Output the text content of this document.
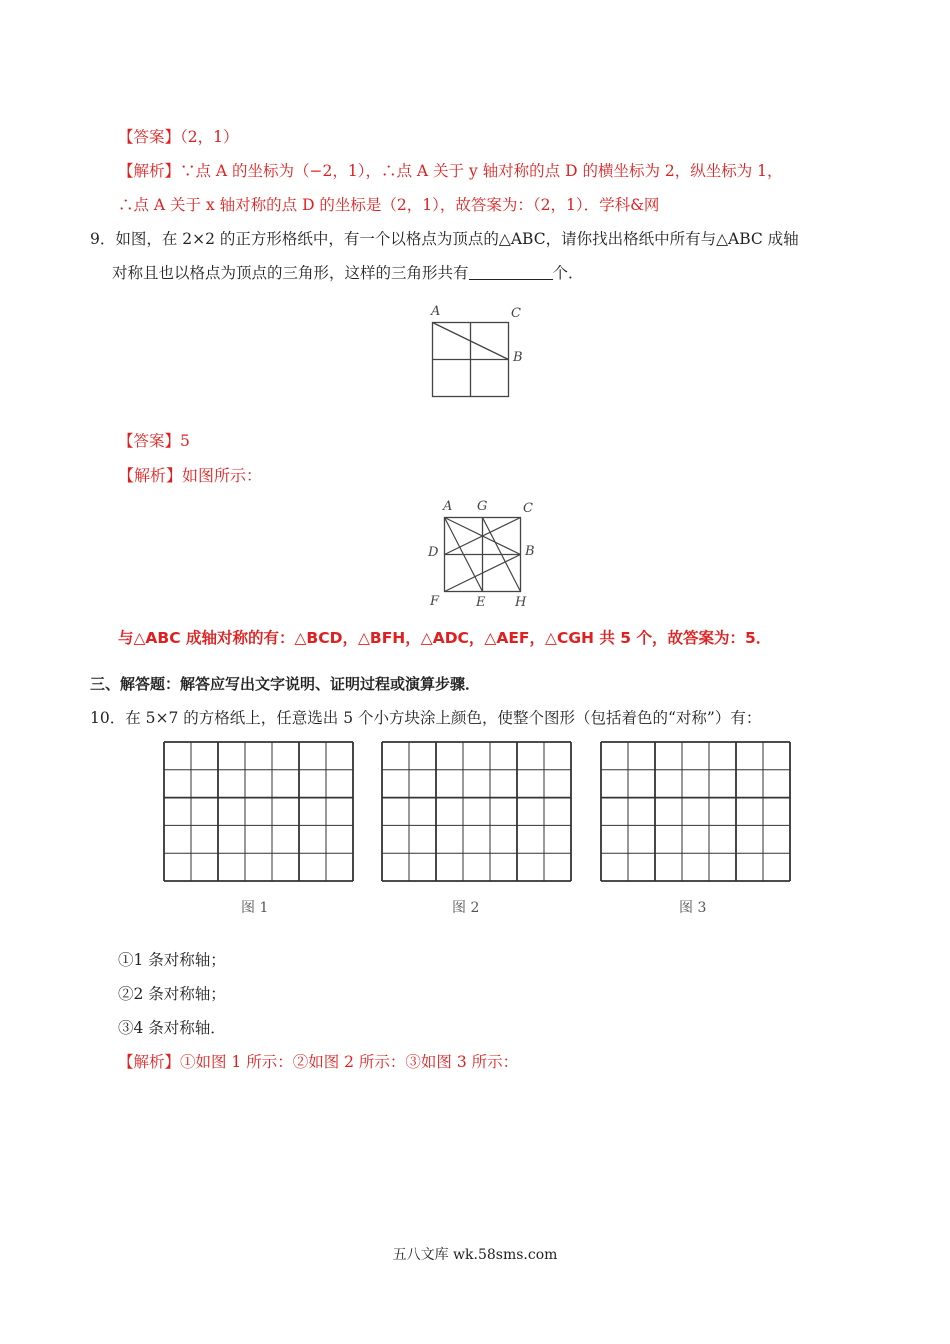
【答案】（2，1）
【解析】∵点 A 的坐标为（−2，1），∴点 A 关于 y 轴对称的点 D 的横坐标为 2，纵坐标为 1，
∴点 A 关于 x 轴对称的点 D 的坐标是（2，1），故答案为：（2，1）．学科&网
9．如图，在 2×2 的正方形格纸中，有一个以格点为顶点的△ABC，请你找出格纸中所有与△ABC 成轴
对称且也以格点为顶点的三角形，这样的三角形共有	个．
A	C
B
【答案】5
【解析】如图所示：
A G	C
D	B
F	E H
与△ABC 成轴对称的有：△BCD，△BFH，△ADC，△AEF，△CGH 共 5 个，故答案为：5．
三、解答题：解答应写出文字说明、证明过程或演算步骤．
10．在 5×7 的方格纸上，任意选出 5 个小方块涂上颜色，使整个图形（包括着色的“对称”）有：
图 1	图 2	图 3
①1 条对称轴；
②2 条对称轴；
③4 条对称轴．
【解析】①如图 1 所示：②如图 2 所示：③如图 3 所示：
五八文库 wk.58sms.com
